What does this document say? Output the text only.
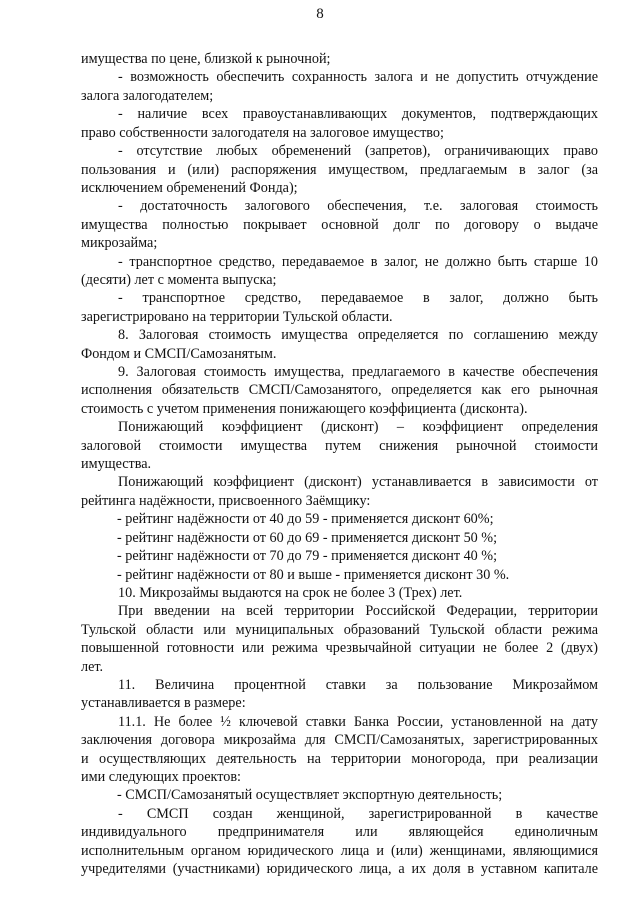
8
имущества по цене, близкой к рыночной;
- возможность обеспечить сохранность залога и не допустить отчуждение
залога залогодателем;
- наличие всех правоустанавливающих документов, подтверждающих
право собственности залогодателя на залоговое имущество;
- отсутствие любых обременений (запретов), ограничивающих право
пользования и (или) распоряжения имуществом, предлагаемым в залог (за
исключением обременений Фонда);
- достаточность залогового обеспечения, т.е. залоговая стоимость
имущества полностью покрывает основной долг по договору о выдаче
микрозайма;
- транспортное средство, передаваемое в залог, не должно быть старше 10
(десяти) лет с момента выпуска;
- транспортное средство, передаваемое в залог, должно быть
зарегистрировано на территории Тульской области.
8. Залоговая стоимость имущества определяется по соглашению между
Фондом и СМСП/Самозанятым.
9. Залоговая стоимость имущества, предлагаемого в качестве обеспечения
исполнения обязательств СМСП/Самозанятого, определяется как его рыночная
стоимость с учетом применения понижающего коэффициента (дисконта).
Понижающий коэффициент (дисконт) – коэффициент определения
залоговой стоимости имущества путем снижения рыночной стоимости
имущества.
Понижающий коэффициент (дисконт) устанавливается в зависимости от
рейтинга надёжности, присвоенного Заёмщику:
- рейтинг надёжности от 40 до 59 - применяется дисконт 60%;
- рейтинг надёжности от 60 до 69 - применяется дисконт 50 %;
- рейтинг надёжности от 70 до 79 - применяется дисконт 40 %;
- рейтинг надёжности от 80 и выше - применяется дисконт 30 %.
10. Микрозаймы выдаются на срок не более 3 (Трех) лет.
При введении на всей территории Российской Федерации, территории
Тульской области или муниципальных образований Тульской области режима
повышенной готовности или режима чрезвычайной ситуации не более 2 (двух)
лет.
11. Величина процентной ставки за пользование Микрозаймом
устанавливается в размере:
11.1. Не более ½ ключевой ставки Банка России, установленной на дату
заключения договора микрозайма для СМСП/Самозанятых, зарегистрированных
и осуществляющих деятельность на территории моногорода, при реализации
ими следующих проектов:
- СМСП/Самозанятый осуществляет экспортную деятельность;
- СМСП создан женщиной, зарегистрированной в качестве
индивидуального предпринимателя или являющейся единоличным
исполнительным органом юридического лица и (или) женщинами, являющимися
учредителями (участниками) юридического лица, а их доля в уставном капитале
